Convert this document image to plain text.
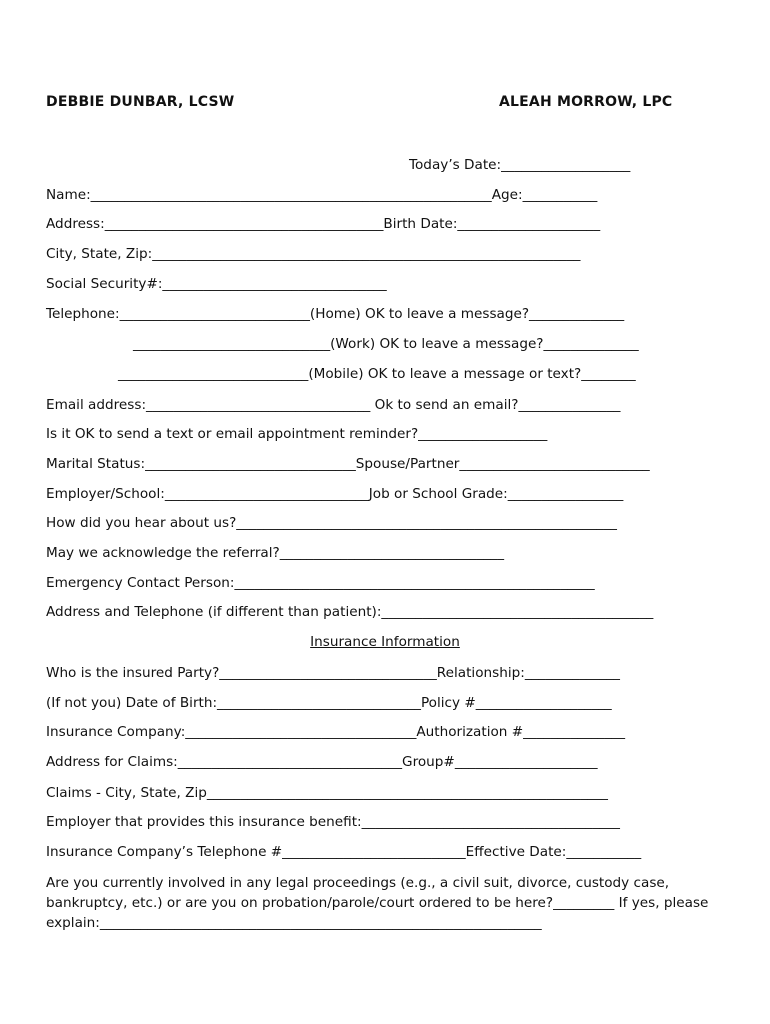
DEBBIE DUNBAR, LCSW	ALEAH MORROW, LPC
Today’s Date:___________________
Name:___________________________________________________________Age:___________
Address:_________________________________________Birth Date:_____________________
City, State, Zip:_______________________________________________________________
Social Security#:_________________________________
Telephone:____________________________(Home) OK to leave a message?______________
_____________________________(Work) OK to leave a message?______________
____________________________(Mobile) OK to leave a message or text?________
Email address:_________________________________ Ok to send an email?_______________
Is it OK to send a text or email appointment reminder?___________________
Marital Status:_______________________________Spouse/Partner____________________________
Employer/School:______________________________Job or School Grade:_________________
How did you hear about us?________________________________________________________
May we acknowledge the referral?_________________________________
Emergency Contact Person:_____________________________________________________
Address and Telephone (if different than patient):________________________________________
Insurance Information
Who is the insured Party?________________________________Relationship:______________
(If not you) Date of Birth:______________________________Policy #____________________
Insurance Company:__________________________________Authorization #_______________
Address for Claims:_________________________________Group#_____________________
Claims - City, State, Zip___________________________________________________________
Employer that provides this insurance benefit:______________________________________
Insurance Company’s Telephone #___________________________Effective Date:___________
Are you currently involved in any legal proceedings (e.g., a civil suit, divorce, custody case, bankruptcy, etc.) or are you on probation/parole/court ordered to be here?_________ If yes, please explain:_________________________________________________________________
